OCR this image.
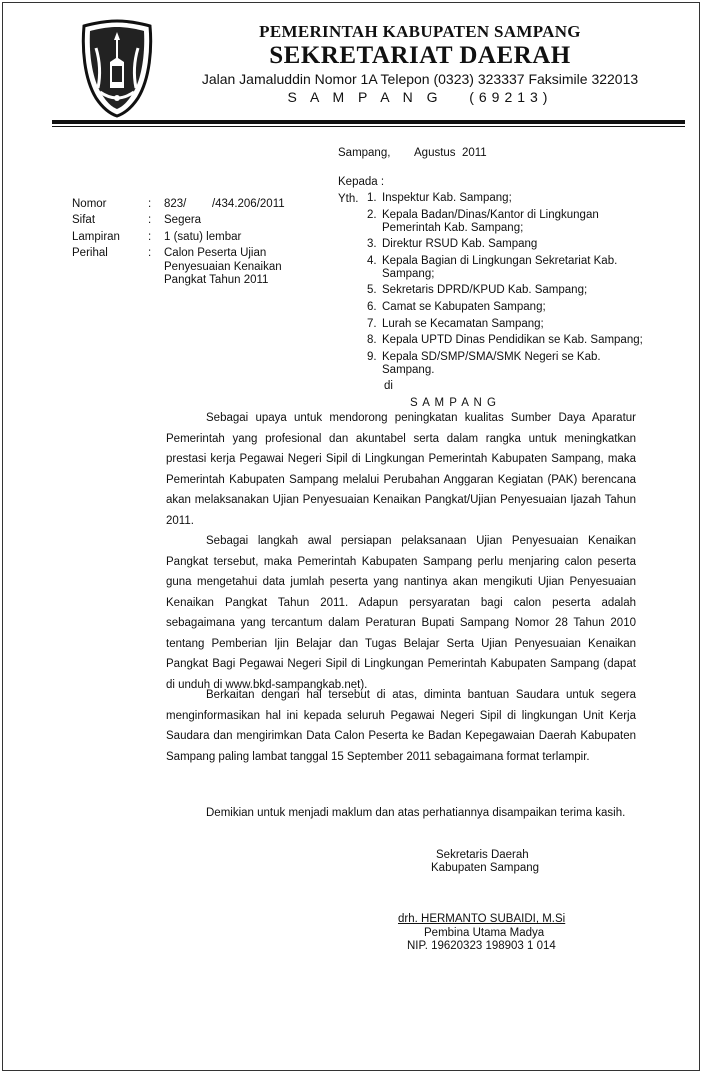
PEMERINTAH KABUPATEN SAMPANG
SEKRETARIAT DAERAH
Jalan Jamaluddin Nomor 1A Telepon (0323) 323337 Faksimile 322013
S A M P A N G   (69213)
Sampang, Agustus  2011
Nomor	: 823/        /434.206/2011
Sifat	: Segera
Lampiran	: 1 (satu) lembar
Perihal	: Calon Peserta Ujian Penyesuaian Kenaikan Pangkat Tahun 2011
Kepada :
Yth. 1. Inspektur Kab. Sampang;
2. Kepala Badan/Dinas/Kantor di Lingkungan Pemerintah Kab. Sampang;
3. Direktur RSUD Kab. Sampang
4. Kepala Bagian di Lingkungan Sekretariat Kab. Sampang;
5. Sekretaris DPRD/KPUD Kab. Sampang;
6. Camat se Kabupaten Sampang;
7. Lurah se Kecamatan Sampang;
8. Kepala UPTD Dinas Pendidikan se Kab. Sampang;
9. Kepala SD/SMP/SMA/SMK Negeri se Kab. Sampang.
di
S A M P A N G

Sebagai upaya untuk mendorong peningkatan kualitas Sumber Daya Aparatur Pemerintah yang profesional dan akuntabel serta dalam rangka untuk meningkatkan prestasi kerja Pegawai Negeri Sipil di Lingkungan Pemerintah Kabupaten Sampang, maka Pemerintah Kabupaten Sampang melalui Perubahan Anggaran Kegiatan (PAK) berencana akan melaksanakan Ujian Penyesuaian Kenaikan Pangkat/Ujian Penyesuaian Ijazah Tahun 2011.

Sebagai langkah awal persiapan pelaksanaan Ujian Penyesuaian Kenaikan Pangkat tersebut, maka Pemerintah Kabupaten Sampang perlu menjaring calon peserta guna mengetahui data jumlah peserta yang nantinya akan mengikuti Ujian Penyesuaian Kenaikan Pangkat Tahun 2011. Adapun persyaratan bagi calon peserta adalah sebagaimana yang tercantum dalam Peraturan Bupati Sampang Nomor 28 Tahun 2010 tentang Pemberian Ijin Belajar dan Tugas Belajar Serta Ujian Penyesuaian Kenaikan Pangkat Bagi Pegawai Negeri Sipil di Lingkungan Pemerintah Kabupaten Sampang (dapat di unduh di www.bkd-sampangkab.net).

Berkaitan dengan hal tersebut di atas, diminta bantuan Saudara untuk segera menginformasikan hal ini kepada seluruh Pegawai Negeri Sipil di lingkungan Unit Kerja Saudara dan mengirimkan Data Calon Peserta ke Badan Kepegawaian Daerah Kabupaten Sampang paling lambat tanggal 15 September 2011 sebagaimana format terlampir.

Demikian untuk menjadi maklum dan atas perhatiannya disampaikan terima kasih.

Sekretaris Daerah
Kabupaten Sampang
drh. HERMANTO SUBAIDI, M.Si
Pembina Utama Madya
NIP. 19620323 198903 1 014
